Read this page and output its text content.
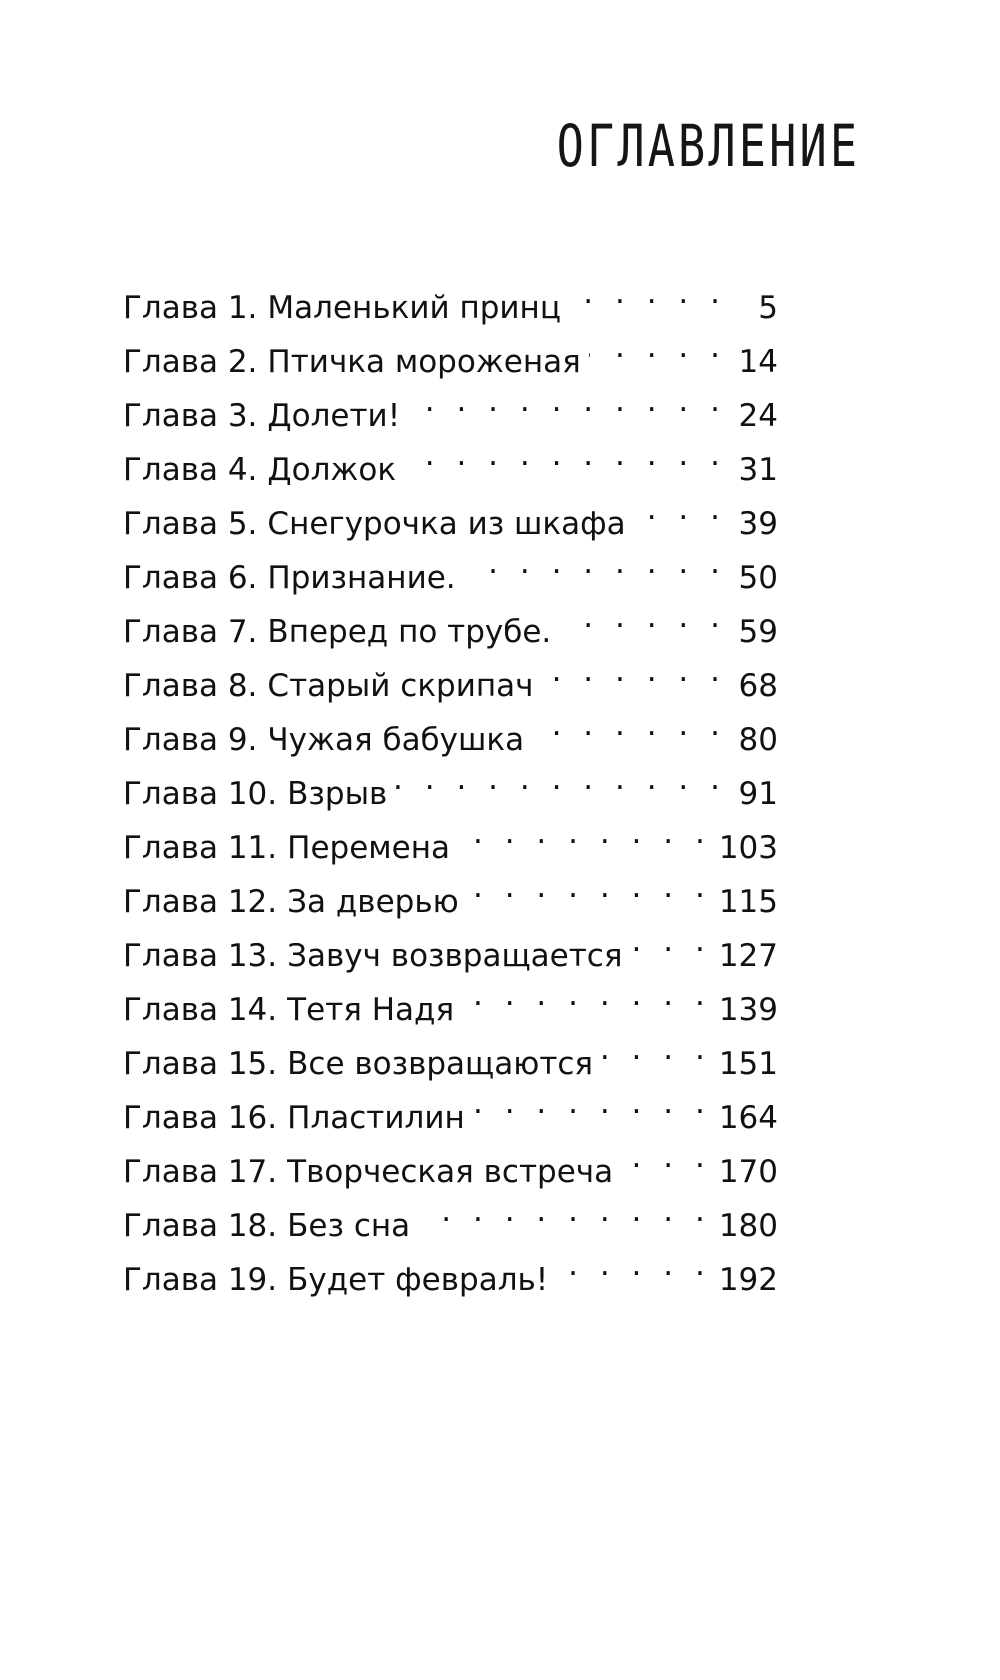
ОГЛАВЛЕНИЕ
Глава 1. Маленький принц . . .	5
Глава 2. Птичка мороженая . . .	14
Глава 3. Долети! . . .	24
Глава 4. Должок . . .	31
Глава 5. Снегурочка из шкафа . . .	39
Глава 6. Признание. . . .	50
Глава 7. Вперед по трубе. . . .	59
Глава 8. Старый скрипач . . .	68
Глава 9. Чужая бабушка . . .	80
Глава 10. Взрыв . . .	91
Глава 11. Перемена . . .	103
Глава 12. За дверью . . .	115
Глава 13. Завуч возвращается . . .	127
Глава 14. Тетя Надя . . .	139
Глава 15. Все возвращаются . . .	151
Глава 16. Пластилин . . .	164
Глава 17. Творческая встреча . . .	170
Глава 18. Без сна . . .	180
Глава 19. Будет февраль! . . .	192
